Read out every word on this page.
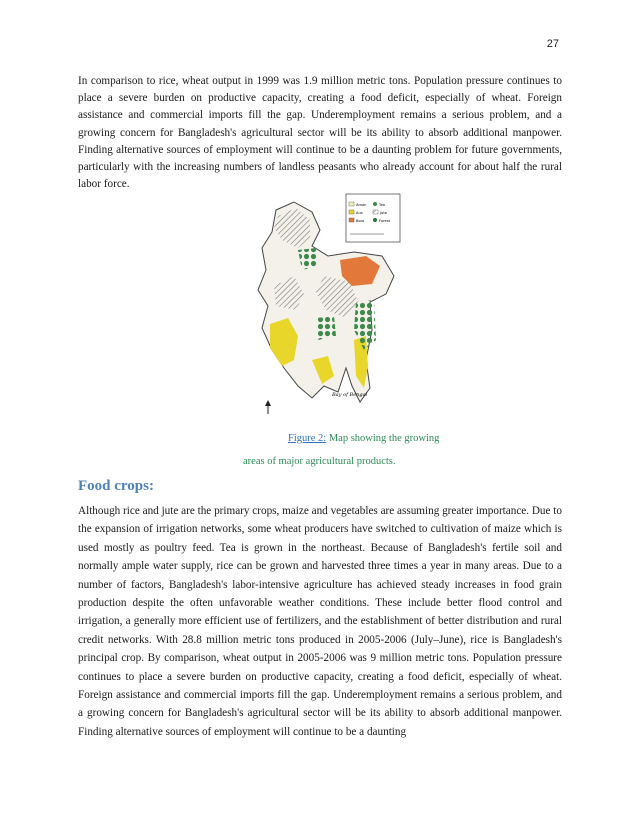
27

In comparison to rice, wheat output in 1999 was 1.9 million metric tons. Population pressure continues to place a severe burden on productive capacity, creating a food deficit, especially of wheat. Foreign assistance and commercial imports fill the gap. Underemployment remains a serious problem, and a growing concern for Bangladesh's agricultural sector will be its ability to absorb additional manpower. Finding alternative sources of employment will continue to be a daunting problem for future governments, particularly with the increasing numbers of landless peasants who already account for about half the rural labor force.

Aman
Aus
Boro
Tea
Jute
Forest
Bay of Bengal

Figure 2: Map showing the growing

areas of major agricultural products.

Food crops:

Although rice and jute are the primary crops, maize and vegetables are assuming greater importance. Due to the expansion of irrigation networks, some wheat producers have switched to cultivation of maize which is used mostly as poultry feed. Tea is grown in the northeast. Because of Bangladesh's fertile soil and normally ample water supply, rice can be grown and harvested three times a year in many areas. Due to a number of factors, Bangladesh's labor-intensive agriculture has achieved steady increases in food grain production despite the often unfavorable weather conditions. These include better flood control and irrigation, a generally more efficient use of fertilizers, and the establishment of better distribution and rural credit networks. With 28.8 million metric tons produced in 2005-2006 (July–June), rice is Bangladesh's principal crop. By comparison, wheat output in 2005-2006 was 9 million metric tons. Population pressure continues to place a severe burden on productive capacity, creating a food deficit, especially of wheat. Foreign assistance and commercial imports fill the gap. Underemployment remains a serious problem, and a growing concern for Bangladesh's agricultural sector will be its ability to absorb additional manpower. Finding alternative sources of employment will continue to be a daunting
